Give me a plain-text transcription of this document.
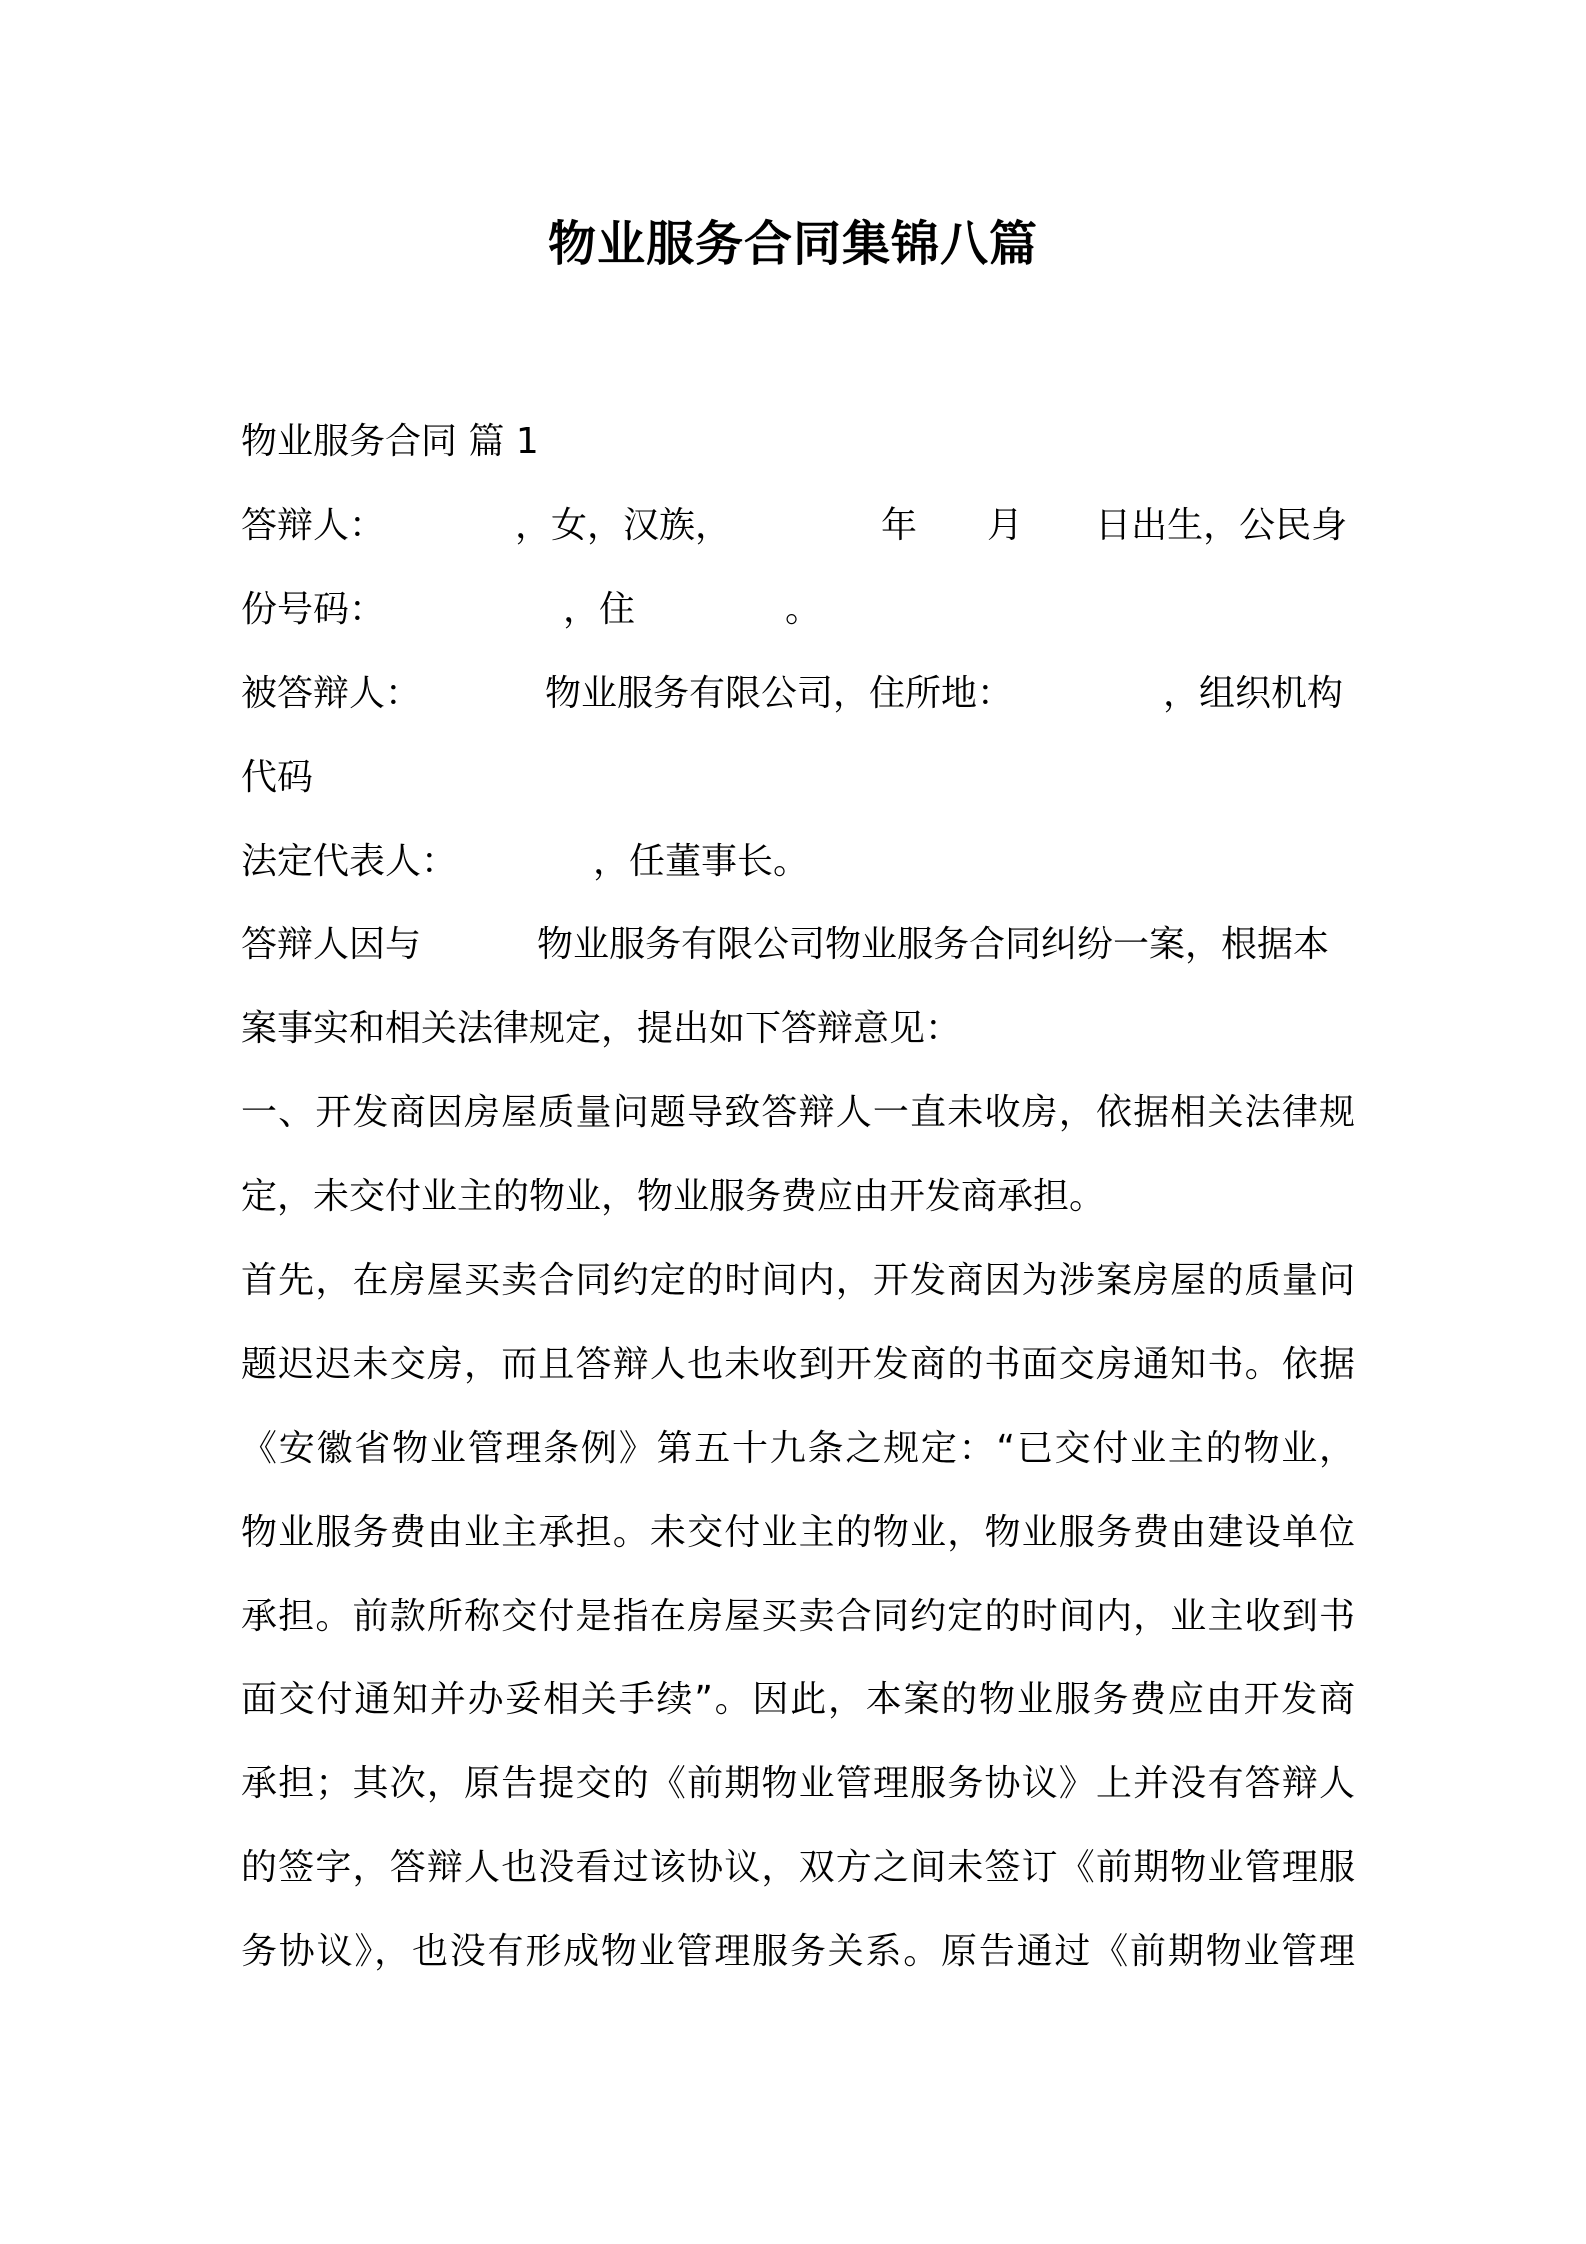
物业服务合同集锦八篇
物业服务合同 篇 1
答辩人：	，女，汉族，	年 月 日出生，公民身
份号码：	，住	。
被答辩人：	物业服务有限公司，住所地：	，组织机构
代码
法定代表人：	，任董事长。
答辩人因与	物业服务有限公司物业服务合同纠纷一案，根据本
案事实和相关法律规定，提出如下答辩意见：
一、开发商因房屋质量问题导致答辩人一直未收房，依据相关法律规
定，未交付业主的物业，物业服务费应由开发商承担。
首先，在房屋买卖合同约定的时间内，开发商因为涉案房屋的质量问
题迟迟未交房，而且答辩人也未收到开发商的书面交房通知书。依据
《安徽省物业管理条例》第五十九条之规定：“已交付业主的物业，
物业服务费由业主承担。未交付业主的物业，物业服务费由建设单位
承担。前款所称交付是指在房屋买卖合同约定的时间内，业主收到书
面交付通知并办妥相关手续”。因此，本案的物业服务费应由开发商
承担；其次，原告提交的《前期物业管理服务协议》上并没有答辩人
的签字，答辩人也没看过该协议，双方之间未签订《前期物业管理服
务协议》，也没有形成物业管理服务关系。原告通过《前期物业管理
